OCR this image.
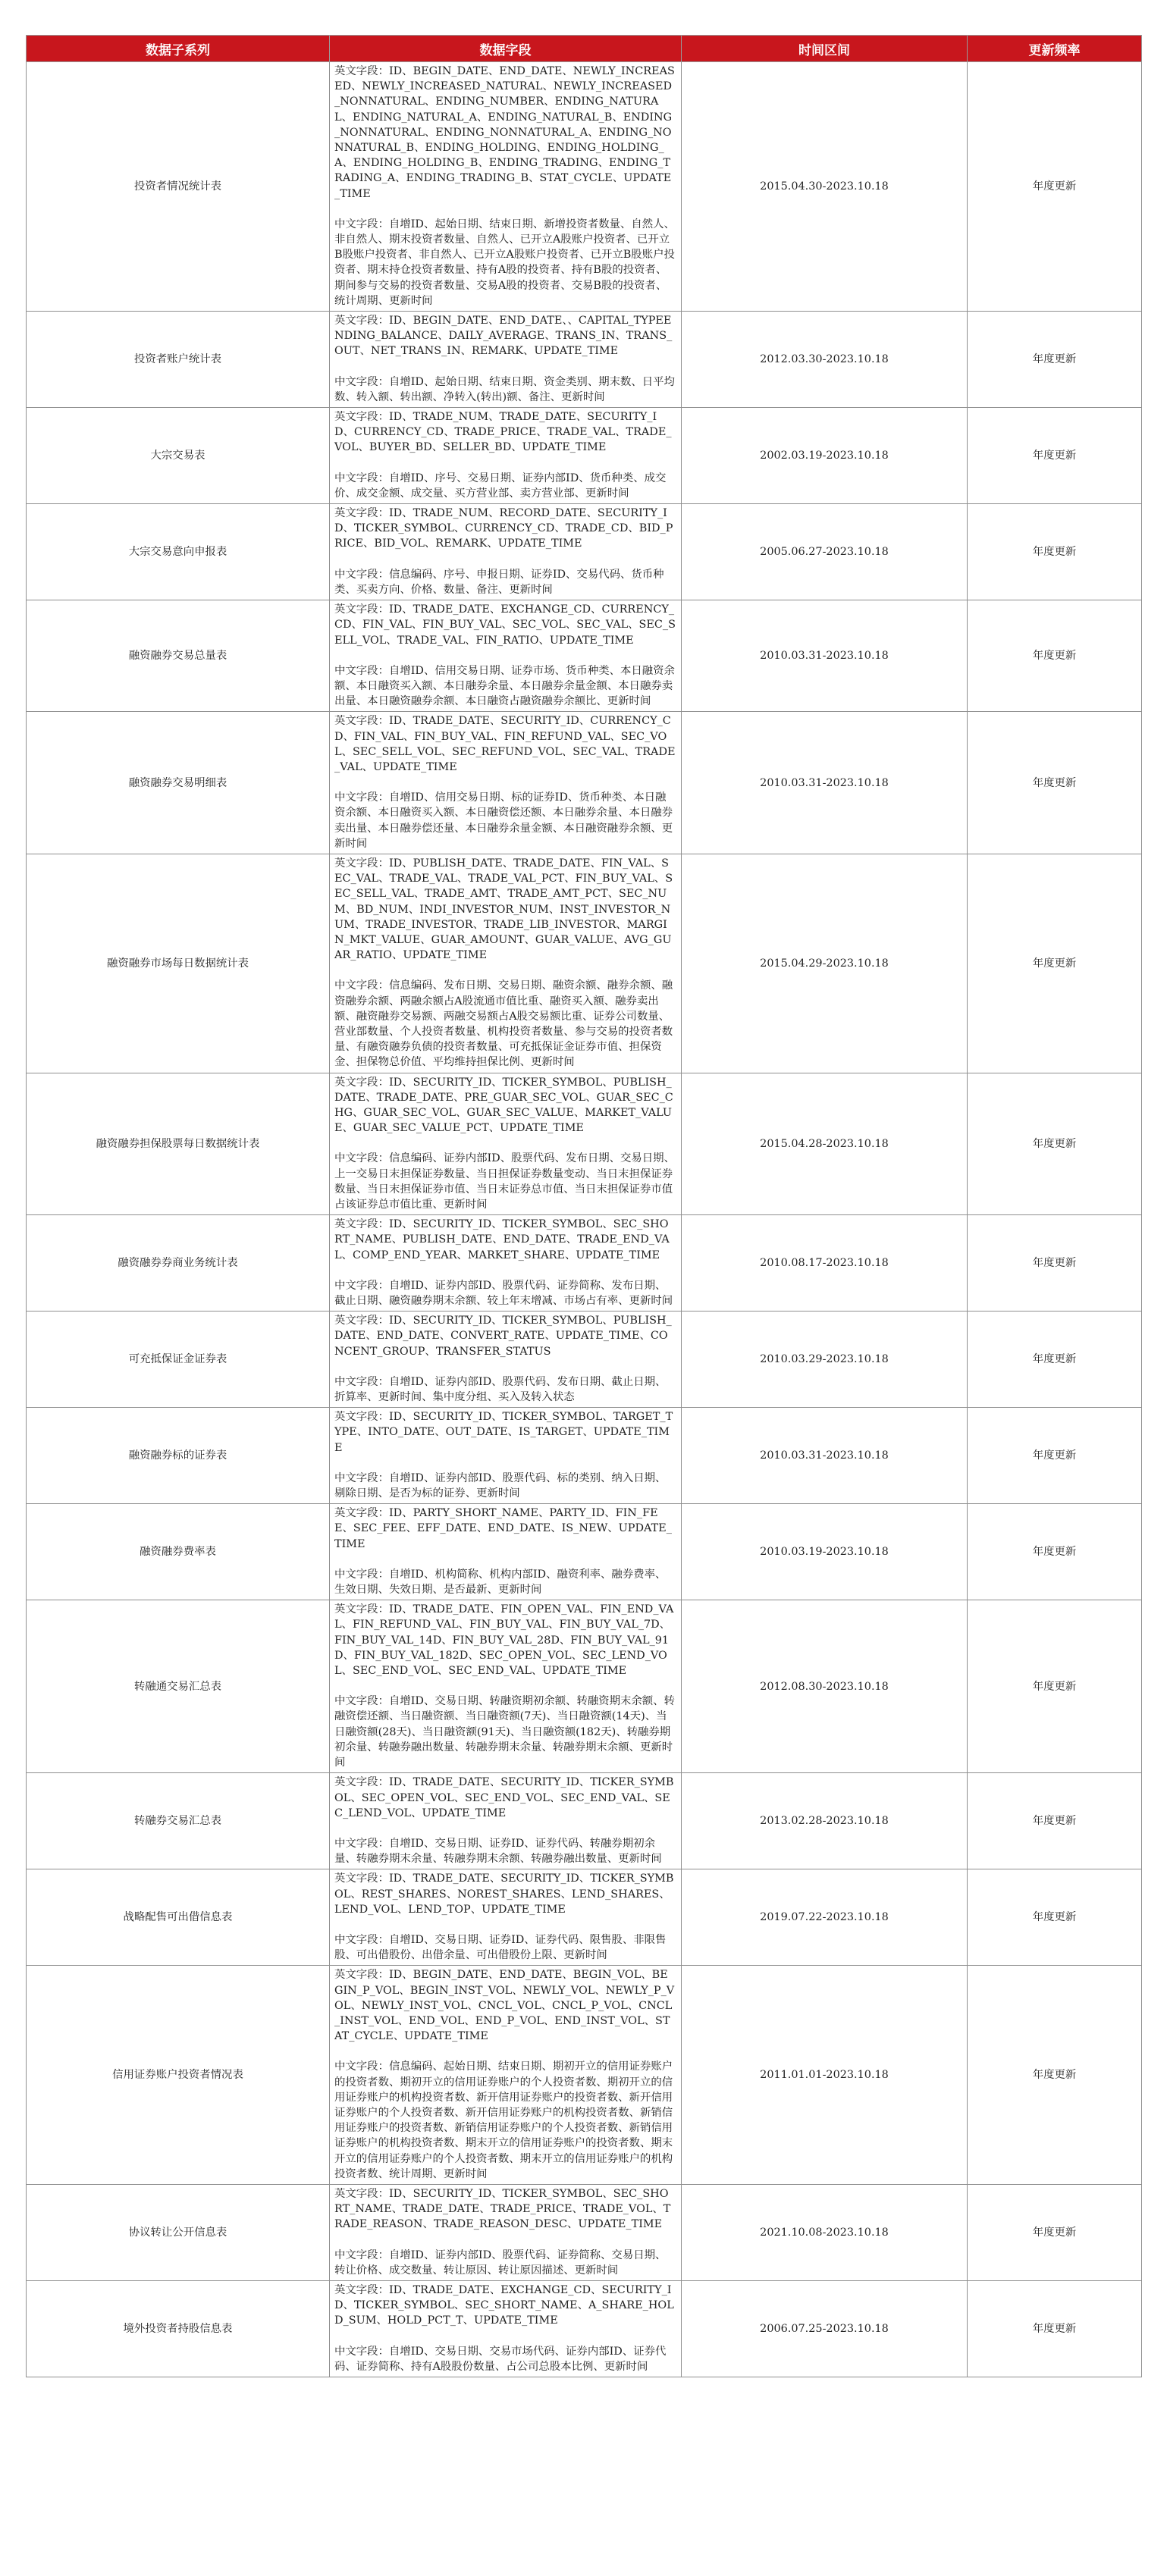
数据子系列	数据字段	时间区间	更新频率
投资者情况统计表	英文字段：ID、BEGIN_DATE、END_DATE、NEWLY_INCREASED、NEWLY_INCREASED_NATURAL、NEWLY_INCREASED_NONNATURAL、ENDING_NUMBER、ENDING_NATURAL、ENDING_NATURAL_A、ENDING_NATURAL_B、ENDING_NONNATURAL、ENDING_NONNATURAL_A、ENDING_NONNATURAL_B、ENDING_HOLDING、ENDING_HOLDING_A、ENDING_HOLDING_B、ENDING_TRADING、ENDING_TRADING_A、ENDING_TRADING_B、STAT_CYCLE、UPDATE_TIME
中文字段：自增ID、起始日期、结束日期、新增投资者数量、自然人、非自然人、期末投资者数量、自然人、已开立A股账户投资者、已开立B股账户投资者、非自然人、已开立A股账户投资者、已开立B股账户投资者、期末持仓投资者数量、持有A股的投资者、持有B股的投资者、期间参与交易的投资者数量、交易A股的投资者、交易B股的投资者、统计周期、更新时间	2015.04.30-2023.10.18	年度更新
投资者账户统计表	英文字段：ID、BEGIN_DATE、END_DATE、、CAPITAL_TYPEENDING_BALANCE、DAILY_AVERAGE、TRANS_IN、TRANS_OUT、NET_TRANS_IN、REMARK、UPDATE_TIME
中文字段：自增ID、起始日期、结束日期、资金类别、期末数、日平均数、转入额、转出额、净转入(转出)额、备注、更新时间	2012.03.30-2023.10.18	年度更新
大宗交易表	英文字段：ID、TRADE_NUM、TRADE_DATE、SECURITY_ID、CURRENCY_CD、TRADE_PRICE、TRADE_VAL、TRADE_VOL、BUYER_BD、SELLER_BD、UPDATE_TIME
中文字段：自增ID、序号、交易日期、证券内部ID、货币种类、成交价、成交金额、成交量、买方营业部、卖方营业部、更新时间	2002.03.19-2023.10.18	年度更新
大宗交易意向申报表	英文字段：ID、TRADE_NUM、RECORD_DATE、SECURITY_ID、TICKER_SYMBOL、CURRENCY_CD、TRADE_CD、BID_PRICE、BID_VOL、REMARK、UPDATE_TIME
中文字段：信息编码、序号、申报日期、证券ID、交易代码、货币种类、买卖方向、价格、数量、备注、更新时间	2005.06.27-2023.10.18	年度更新
融资融券交易总量表	英文字段：ID、TRADE_DATE、EXCHANGE_CD、CURRENCY_CD、FIN_VAL、FIN_BUY_VAL、SEC_VOL、SEC_VAL、SEC_SELL_VOL、TRADE_VAL、FIN_RATIO、UPDATE_TIME
中文字段：自增ID、信用交易日期、证券市场、货币种类、本日融资余额、本日融资买入额、本日融券余量、本日融券余量金额、本日融券卖出量、本日融资融券余额、本日融资占融资融券余额比、更新时间	2010.03.31-2023.10.18	年度更新
融资融券交易明细表	英文字段：ID、TRADE_DATE、SECURITY_ID、CURRENCY_CD、FIN_VAL、FIN_BUY_VAL、FIN_REFUND_VAL、SEC_VOL、SEC_SELL_VOL、SEC_REFUND_VOL、SEC_VAL、TRADE_VAL、UPDATE_TIME
中文字段：自增ID、信用交易日期、标的证券ID、货币种类、本日融资余额、本日融资买入额、本日融资偿还额、本日融券余量、本日融券卖出量、本日融券偿还量、本日融券余量金额、本日融资融券余额、更新时间	2010.03.31-2023.10.18	年度更新
融资融券市场每日数据统计表	英文字段：ID、PUBLISH_DATE、TRADE_DATE、FIN_VAL、SEC_VAL、TRADE_VAL、TRADE_VAL_PCT、FIN_BUY_VAL、SEC_SELL_VAL、TRADE_AMT、TRADE_AMT_PCT、SEC_NUM、BD_NUM、INDI_INVESTOR_NUM、INST_INVESTOR_NUM、TRADE_INVESTOR、TRADE_LIB_INVESTOR、MARGIN_MKT_VALUE、GUAR_AMOUNT、GUAR_VALUE、AVG_GUAR_RATIO、UPDATE_TIME
中文字段：信息编码、发布日期、交易日期、融资余额、融券余额、融资融券余额、两融余额占A股流通市值比重、融资买入额、融券卖出额、融资融券交易额、两融交易额占A股交易额比重、证券公司数量、营业部数量、个人投资者数量、机构投资者数量、参与交易的投资者数量、有融资融券负债的投资者数量、可充抵保证金证券市值、担保资金、担保物总价值、平均维持担保比例、更新时间	2015.04.29-2023.10.18	年度更新
融资融券担保股票每日数据统计表	英文字段：ID、SECURITY_ID、TICKER_SYMBOL、PUBLISH_DATE、TRADE_DATE、PRE_GUAR_SEC_VOL、GUAR_SEC_CHG、GUAR_SEC_VOL、GUAR_SEC_VALUE、MARKET_VALUE、GUAR_SEC_VALUE_PCT、UPDATE_TIME
中文字段：信息编码、证券内部ID、股票代码、发布日期、交易日期、上一交易日末担保证券数量、当日担保证券数量变动、当日末担保证券数量、当日末担保证券市值、当日末证券总市值、当日末担保证券市值占该证券总市值比重、更新时间	2015.04.28-2023.10.18	年度更新
融资融券券商业务统计表	英文字段：ID、SECURITY_ID、TICKER_SYMBOL、SEC_SHORT_NAME、PUBLISH_DATE、END_DATE、TRADE_END_VAL、COMP_END_YEAR、MARKET_SHARE、UPDATE_TIME
中文字段：自增ID、证券内部ID、股票代码、证券简称、发布日期、截止日期、融资融券期末余额、较上年末增减、市场占有率、更新时间	2010.08.17-2023.10.18	年度更新
可充抵保证金证券表	英文字段：ID、SECURITY_ID、TICKER_SYMBOL、PUBLISH_DATE、END_DATE、CONVERT_RATE、UPDATE_TIME、CONCENT_GROUP、TRANSFER_STATUS
中文字段：自增ID、证券内部ID、股票代码、发布日期、截止日期、折算率、更新时间、集中度分组、买入及转入状态	2010.03.29-2023.10.18	年度更新
融资融券标的证券表	英文字段：ID、SECURITY_ID、TICKER_SYMBOL、TARGET_TYPE、INTO_DATE、OUT_DATE、IS_TARGET、UPDATE_TIME
中文字段：自增ID、证券内部ID、股票代码、标的类别、纳入日期、剔除日期、是否为标的证券、更新时间	2010.03.31-2023.10.18	年度更新
融资融券费率表	英文字段：ID、PARTY_SHORT_NAME、PARTY_ID、FIN_FEE、SEC_FEE、EFF_DATE、END_DATE、IS_NEW、UPDATE_TIME
中文字段：自增ID、机构简称、机构内部ID、融资利率、融券费率、生效日期、失效日期、是否最新、更新时间	2010.03.19-2023.10.18	年度更新
转融通交易汇总表	英文字段：ID、TRADE_DATE、FIN_OPEN_VAL、FIN_END_VAL、FIN_REFUND_VAL、FIN_BUY_VAL、FIN_BUY_VAL_7D、FIN_BUY_VAL_14D、FIN_BUY_VAL_28D、FIN_BUY_VAL_91D、FIN_BUY_VAL_182D、SEC_OPEN_VOL、SEC_LEND_VOL、SEC_END_VOL、SEC_END_VAL、UPDATE_TIME
中文字段：自增ID、交易日期、转融资期初余额、转融资期末余额、转融资偿还额、当日融资额、当日融资额(7天)、当日融资额(14天)、当日融资额(28天)、当日融资额(91天)、当日融资额(182天)、转融券期初余量、转融券融出数量、转融券期末余量、转融券期末余额、更新时间	2012.08.30-2023.10.18	年度更新
转融券交易汇总表	英文字段：ID、TRADE_DATE、SECURITY_ID、TICKER_SYMBOL、SEC_OPEN_VOL、SEC_END_VOL、SEC_END_VAL、SEC_LEND_VOL、UPDATE_TIME
中文字段：自增ID、交易日期、证券ID、证券代码、转融券期初余量、转融券期末余量、转融券期末余额、转融券融出数量、更新时间	2013.02.28-2023.10.18	年度更新
战略配售可出借信息表	英文字段：ID、TRADE_DATE、SECURITY_ID、TICKER_SYMBOL、REST_SHARES、NOREST_SHARES、LEND_SHARES、LEND_VOL、LEND_TOP、UPDATE_TIME
中文字段：自增ID、交易日期、证券ID、证券代码、限售股、非限售股、可出借股份、出借余量、可出借股份上限、更新时间	2019.07.22-2023.10.18	年度更新
信用证券账户投资者情况表	英文字段：ID、BEGIN_DATE、END_DATE、BEGIN_VOL、BEGIN_P_VOL、BEGIN_INST_VOL、NEWLY_VOL、NEWLY_P_VOL、NEWLY_INST_VOL、CNCL_VOL、CNCL_P_VOL、CNCL_INST_VOL、END_VOL、END_P_VOL、END_INST_VOL、STAT_CYCLE、UPDATE_TIME
中文字段：信息编码、起始日期、结束日期、期初开立的信用证券账户的投资者数、期初开立的信用证券账户的个人投资者数、期初开立的信用证券账户的机构投资者数、新开信用证券账户的投资者数、新开信用证券账户的个人投资者数、新开信用证券账户的机构投资者数、新销信用证券账户的投资者数、新销信用证券账户的个人投资者数、新销信用证券账户的机构投资者数、期末开立的信用证券账户的投资者数、期末开立的信用证券账户的个人投资者数、期末开立的信用证券账户的机构投资者数、统计周期、更新时间	2011.01.01-2023.10.18	年度更新
协议转让公开信息表	英文字段：ID、SECURITY_ID、TICKER_SYMBOL、SEC_SHORT_NAME、TRADE_DATE、TRADE_PRICE、TRADE_VOL、TRADE_REASON、TRADE_REASON_DESC、UPDATE_TIME
中文字段：自增ID、证券内部ID、股票代码、证券简称、交易日期、转让价格、成交数量、转让原因、转让原因描述、更新时间	2021.10.08-2023.10.18	年度更新
境外投资者持股信息表	英文字段：ID、TRADE_DATE、EXCHANGE_CD、SECURITY_ID、TICKER_SYMBOL、SEC_SHORT_NAME、A_SHARE_HOLD_SUM、HOLD_PCT_T、UPDATE_TIME
中文字段：自增ID、交易日期、交易市场代码、证券内部ID、证券代码、证券简称、持有A股股份数量、占公司总股本比例、更新时间	2006.07.25-2023.10.18	年度更新
